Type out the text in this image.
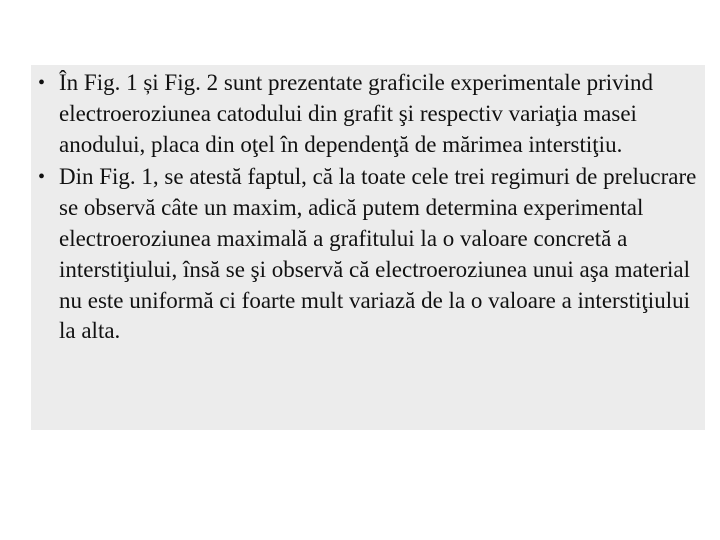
• În Fig. 1 și Fig. 2 sunt prezentate graficile experimentale privind electroeroziunea catodului din grafit şi respectiv variaţia masei anodului, placa din oţel în dependenţă de mărimea interstiţiu.
• Din Fig. 1, se atestă faptul, că la toate cele trei regimuri de prelucrare se observă câte un maxim, adică putem determina experimental electroeroziunea maximală a grafitului la o valoare concretă a interstiţiului, însă se şi observă că electroeroziunea unui aşa material nu este uniformă ci foarte mult variază de la o valoare a interstiţiului la alta.
